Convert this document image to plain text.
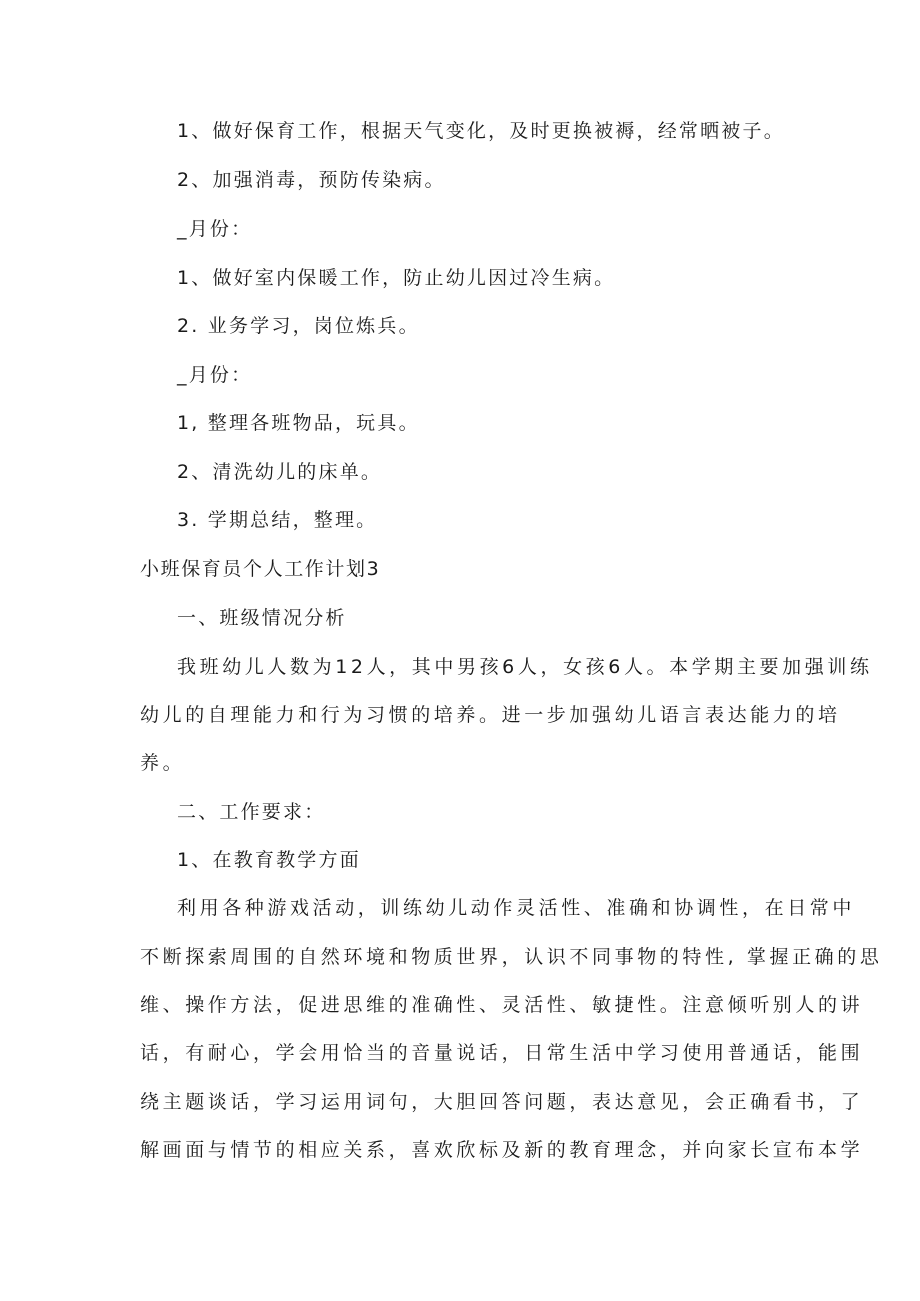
1、做好保育工作，根据天气变化，及时更换被褥，经常晒被子。
2、加强消毒，预防传染病。
_月份：
1、做好室内保暖工作，防止幼儿因过冷生病。
2. 业务学习，岗位炼兵。
_月份：
1, 整理各班物品，玩具。
2、清洗幼儿的床单。
3. 学期总结，整理。
小班保育员个人工作计划3
一、班级情况分析
我班幼儿人数为12人，其中男孩6人，女孩6人。本学期主要加强训练
幼儿的自理能力和行为习惯的培养。进一步加强幼儿语言表达能力的培
养。
二、工作要求：
1、在教育教学方面
利用各种游戏活动，训练幼儿动作灵活性、准确和协调性，在日常中
不断探索周围的自然环境和物质世界，认识不同事物的特性, 掌握正确的思
维、操作方法，促进思维的准确性、灵活性、敏捷性。注意倾听别人的讲
话，有耐心，学会用恰当的音量说话，日常生活中学习使用普通话，能围
绕主题谈话，学习运用词句，大胆回答问题，表达意见，会正确看书，了
解画面与情节的相应关系，喜欢欣标及新的教育理念，并向家长宣布本学
